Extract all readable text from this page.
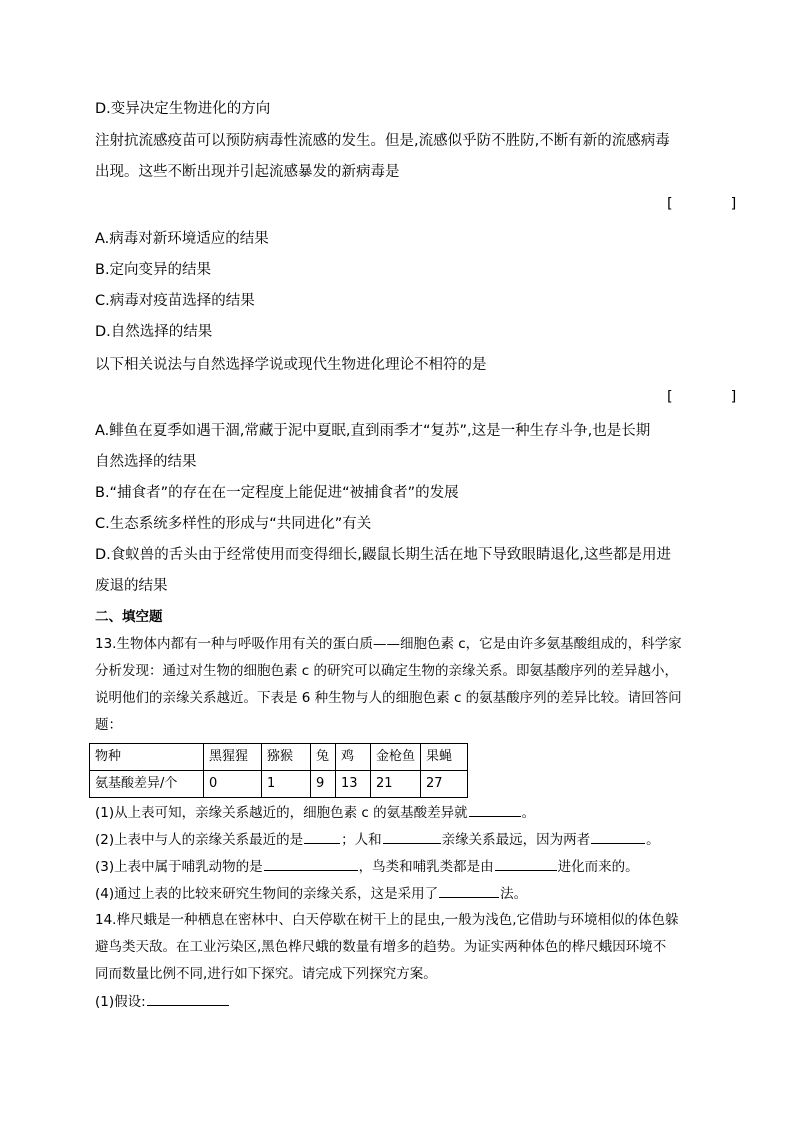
D.变异决定生物进化的方向
注射抗流感疫苗可以预防病毒性流感的发生。但是,流感似乎防不胜防,不断有新的流感病毒
出现。这些不断出现并引起流感暴发的新病毒是
[　　　　]
A.病毒对新环境适应的结果
B.定向变异的结果
C.病毒对疫苗选择的结果
D.自然选择的结果
以下相关说法与自然选择学说或现代生物进化理论不相符的是
[　　　　]
A.鲱鱼在夏季如遇干涸,常藏于泥中夏眠,直到雨季才“复苏”,这是一种生存斗争,也是长期
自然选择的结果
B.“捕食者”的存在在一定程度上能促进“被捕食者”的发展
C.生态系统多样性的形成与“共同进化”有关
D.食蚁兽的舌头由于经常使用而变得细长,鼹鼠长期生活在地下导致眼睛退化,这些都是用进
废退的结果
二、填空题
13.生物体内都有一种与呼吸作用有关的蛋白质——细胞色素 c，它是由许多氨基酸组成的，科学家
分析发现：通过对生物的细胞色素 c 的研究可以确定生物的亲缘关系。即氨基酸序列的差异越小，
说明他们的亲缘关系越近。下表是 6 种生物与人的细胞色素 c 的氨基酸序列的差异比较。请回答问
题：
物种	黑猩猩	猕猴	兔	鸡	金枪鱼	果蝇
氨基酸差异/个	0	1	9	13	21	27
(1)从上表可知，亲缘关系越近的，细胞色素 c 的氨基酸差异就	。
(2)上表中与人的亲缘关系最近的是	；人和	亲缘关系最远，因为两者	。
(3)上表中属于哺乳动物的是	，鸟类和哺乳类都是由	进化而来的。
(4)通过上表的比较来研究生物间的亲缘关系，这是采用了	法。
14.桦尺蛾是一种栖息在密林中、白天停歇在树干上的昆虫,一般为浅色,它借助与环境相似的体色躲
避鸟类天敌。在工业污染区,黑色桦尺蛾的数量有增多的趋势。为证实两种体色的桦尺蛾因环境不
同而数量比例不同,进行如下探究。请完成下列探究方案。
(1)假设:
